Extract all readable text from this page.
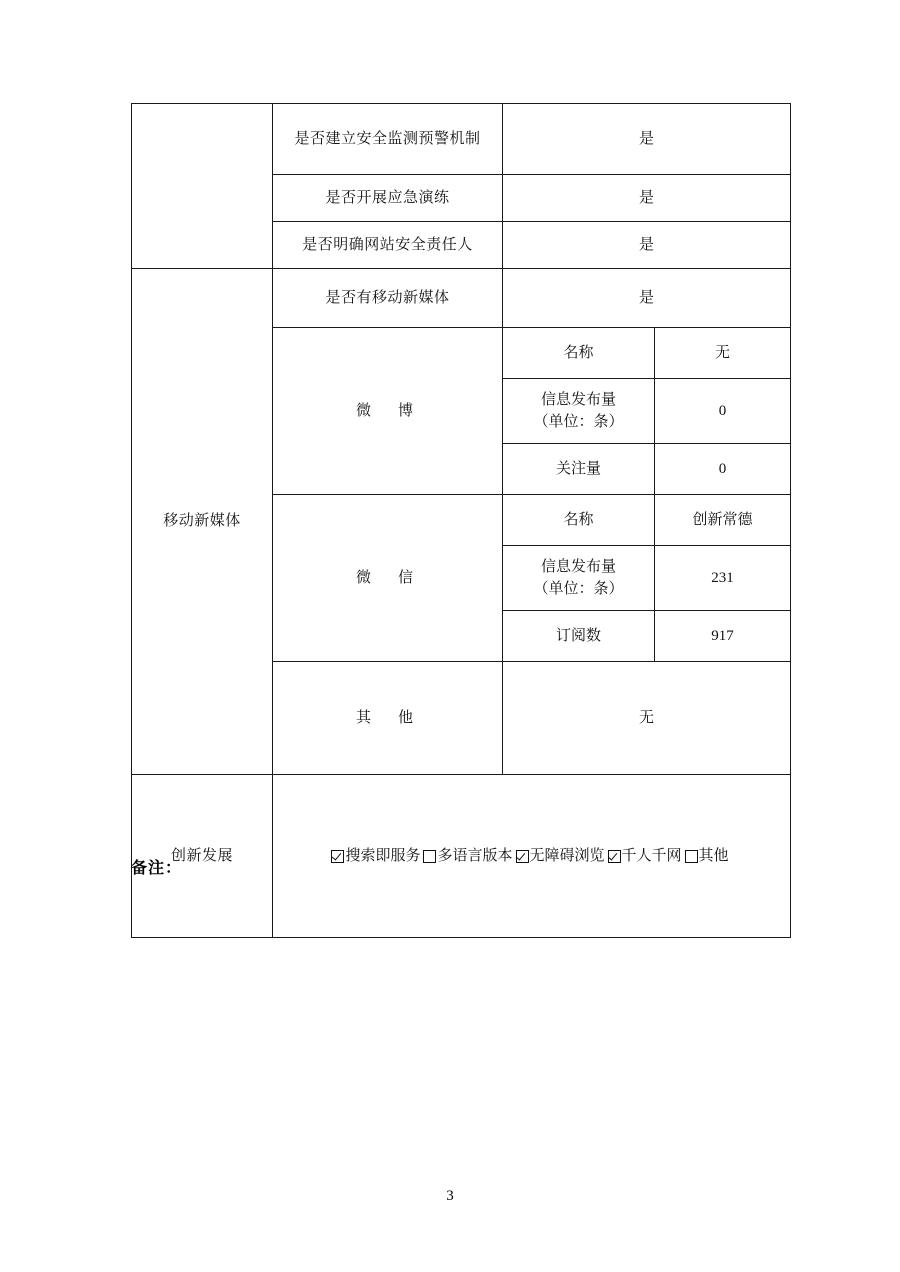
	是否建立安全监测预警机制	是	
	是否开展应急演练	是	
	是否明确网站安全责任人	是	
移动新媒体	是否有移动新媒体	是	
	微　博	名称	无

		信息发布量
（单位：条）	0
		关注量	0
	微　信	名称	创新常德

		信息发布量
（单位：条）	231
		订阅数	917
	其　他	无	
创新发展	搜索即服务 多语言版本 无障碍浏览 千人千网 其他		
备注：
3
